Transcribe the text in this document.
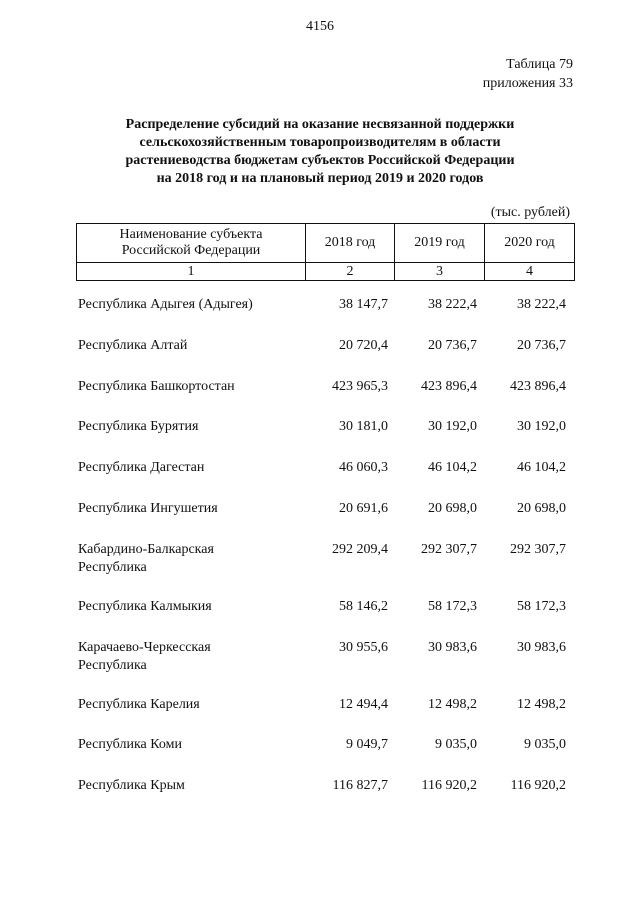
4156
Таблица 79
приложения 33
Распределение субсидий на оказание несвязанной поддержки
сельскохозяйственным товаропроизводителям в области
растениеводства бюджетам субъектов Российской Федерации
на 2018 год и на плановый период 2019 и 2020 годов
(тыс. рублей)
Наименование субъекта
Российской Федерации	2018 год	2019 год	2020 год
1	2	3	4
Республика Адыгея (Адыгея)	38 147,7	38 222,4	38 222,4
Республика Алтай	20 720,4	20 736,7	20 736,7
Республика Башкортостан	423 965,3	423 896,4	423 896,4
Республика Бурятия	30 181,0	30 192,0	30 192,0
Республика Дагестан	46 060,3	46 104,2	46 104,2
Республика Ингушетия	20 691,6	20 698,0	20 698,0
Кабардино-Балкарская
Республика
292 209,4	292 307,7	292 307,7
Республика Калмыкия	58 146,2	58 172,3	58 172,3
Карачаево-Черкесская
Республика
30 955,6	30 983,6	30 983,6
Республика Карелия	12 494,4	12 498,2	12 498,2
Республика Коми	9 049,7	9 035,0	9 035,0
Республика Крым	116 827,7	116 920,2	116 920,2
